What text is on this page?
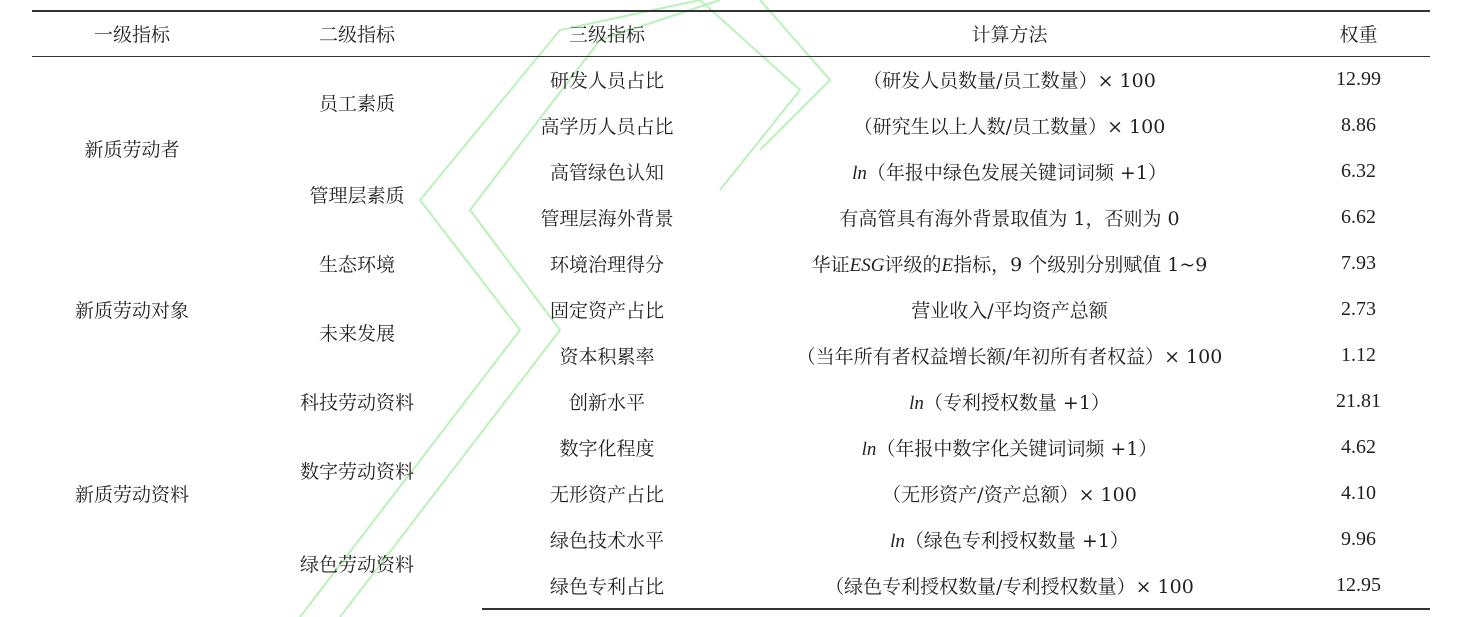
一级指标	二级指标	三级指标	计算方法	权重
新质劳动者	员工素质	研发人员占比	（研发人员数量/员工数量）× 100	12.99
		高学历人员占比	（研究生以上人数/员工数量）× 100	8.86
	管理层素质	高管绿色认知	ln（年报中绿色发展关键词词频 +1）	6.32
		管理层海外背景	有高管具有海外背景取值为 1，否则为 0	6.62
新质劳动对象	生态环境	环境治理得分	华证ESG评级的E指标，9 个级别分别赋值 1~9	7.93
	未来发展	固定资产占比	营业收入/平均资产总额	2.73
		资本积累率	（当年所有者权益增长额/年初所有者权益）× 100	1.12
新质劳动资料	科技劳动资料	创新水平	ln（专利授权数量 +1）	21.81
	数字劳动资料	数字化程度	ln（年报中数字化关键词词频 +1）	4.62
		无形资产占比	（无形资产/资产总额）× 100	4.10
	绿色劳动资料	绿色技术水平	ln（绿色专利授权数量 +1）	9.96
		绿色专利占比	（绿色专利授权数量/专利授权数量）× 100	12.95
